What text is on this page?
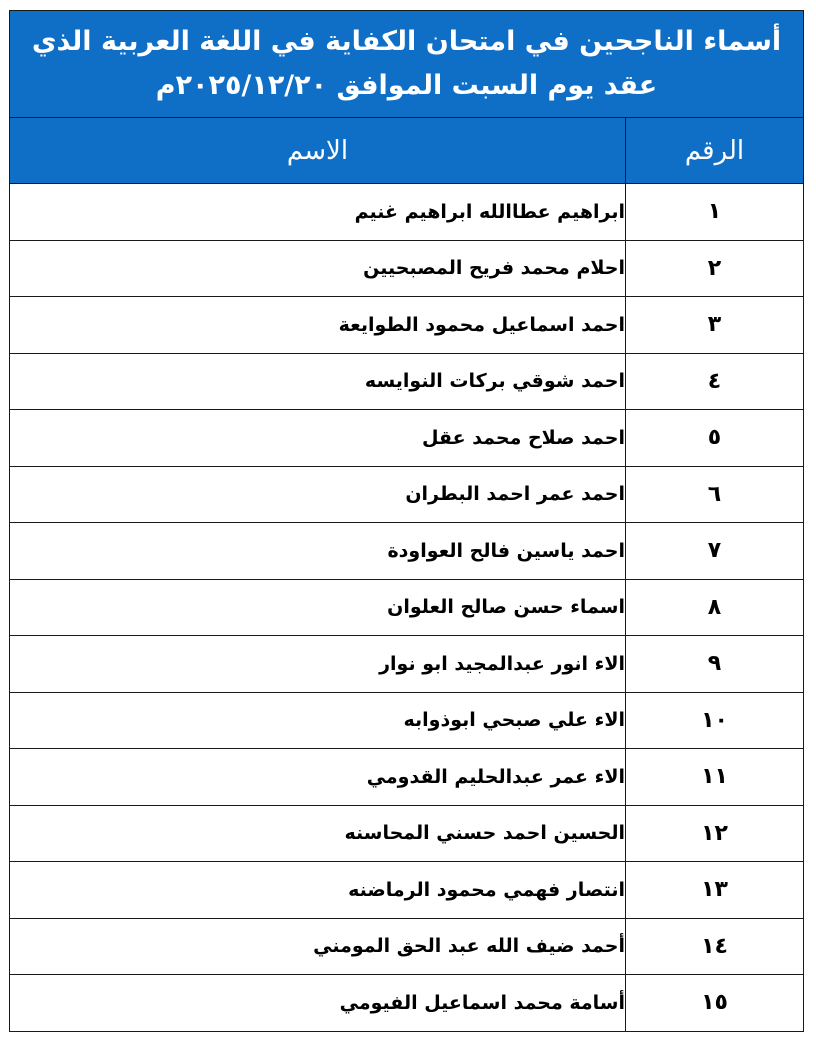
أسماء الناجحين في امتحان الكفاية في اللغة العربية الذي
عقد يوم السبت الموافق ٢٠٢٥/١٢/٢٠م	

الرقم	الاسم
١	ابراهيم عطاالله ابراهيم غنيم
٢	احلام محمد فريح المصبحيين
٣	احمد اسماعيل محمود الطوايعة
٤	احمد شوقي بركات النوايسه
٥	احمد صلاح محمد عقل
٦	احمد عمر احمد البطران
٧	احمد ياسين فالح العواودة
٨	اسماء حسن صالح العلوان
٩	الاء انور عبدالمجيد ابو نوار
١٠	الاء علي صبحي ابوذوابه
١١	الاء عمر عبدالحليم القدومي
١٢	الحسين احمد حسني المحاسنه
١٣	انتصار فهمي محمود الرماضنه
١٤	أحمد ضيف الله عبد الحق المومني
١٥	أسامة محمد اسماعيل الفيومي
